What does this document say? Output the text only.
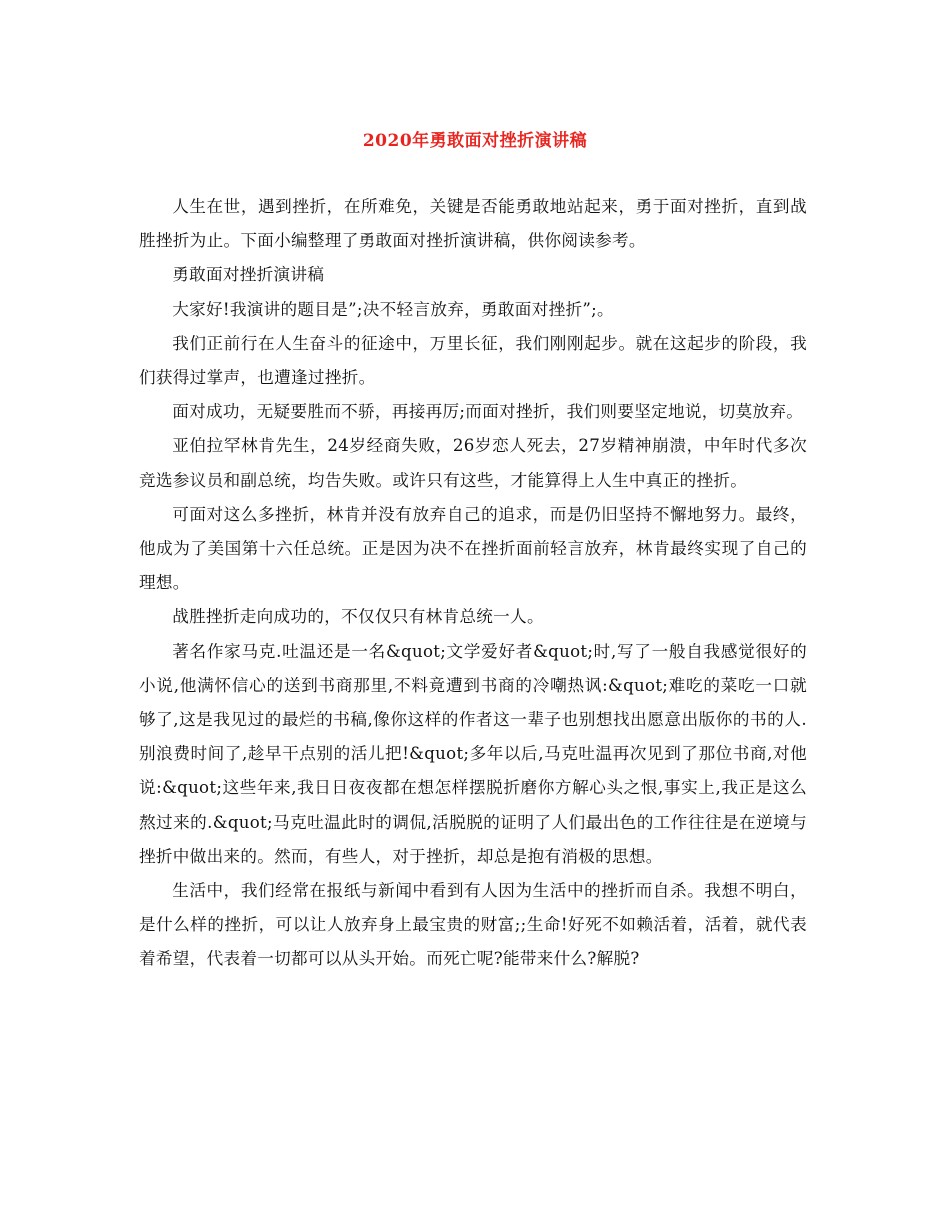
2020年勇敢面对挫折演讲稿

人生在世，遇到挫折，在所难免，关键是否能勇敢地站起来，勇于面对挫折，直到战胜挫折为止。下面小编整理了勇敢面对挫折演讲稿，供你阅读参考。

勇敢面对挫折演讲稿

大家好!我演讲的题目是”;决不轻言放弃，勇敢面对挫折”;。

我们正前行在人生奋斗的征途中，万里长征，我们刚刚起步。就在这起步的阶段，我们获得过掌声，也遭逢过挫折。

面对成功，无疑要胜而不骄，再接再厉;而面对挫折，我们则要坚定地说，切莫放弃。

亚伯拉罕林肯先生，24岁经商失败，26岁恋人死去，27岁精神崩溃，中年时代多次竞选参议员和副总统，均告失败。或许只有这些，才能算得上人生中真正的挫折。

可面对这么多挫折，林肯并没有放弃自己的追求，而是仍旧坚持不懈地努力。最终，他成为了美国第十六任总统。正是因为决不在挫折面前轻言放弃，林肯最终实现了自己的理想。

战胜挫折走向成功的，不仅仅只有林肯总统一人。

著名作家马克.吐温还是一名&quot;文学爱好者&quot;时,写了一般自我感觉很好的小说,他满怀信心的送到书商那里,不料竟遭到书商的冷嘲热讽:&quot;难吃的菜吃一口就够了,这是我见过的最烂的书稿,像你这样的作者这一辈子也别想找出愿意出版你的书的人.别浪费时间了,趁早干点别的活儿把!&quot;多年以后,马克吐温再次见到了那位书商,对他说:&quot;这些年来,我日日夜夜都在想怎样摆脱折磨你方解心头之恨,事实上,我正是这么熬过来的.&quot;马克吐温此时的调侃,活脱脱的证明了人们最出色的工作往往是在逆境与挫折中做出来的。然而，有些人，对于挫折，却总是抱有消极的思想。

生活中，我们经常在报纸与新闻中看到有人因为生活中的挫折而自杀。我想不明白，是什么样的挫折，可以让人放弃身上最宝贵的财富;;生命!好死不如赖活着，活着，就代表着希望，代表着一切都可以从头开始。而死亡呢?能带来什么?解脱?
